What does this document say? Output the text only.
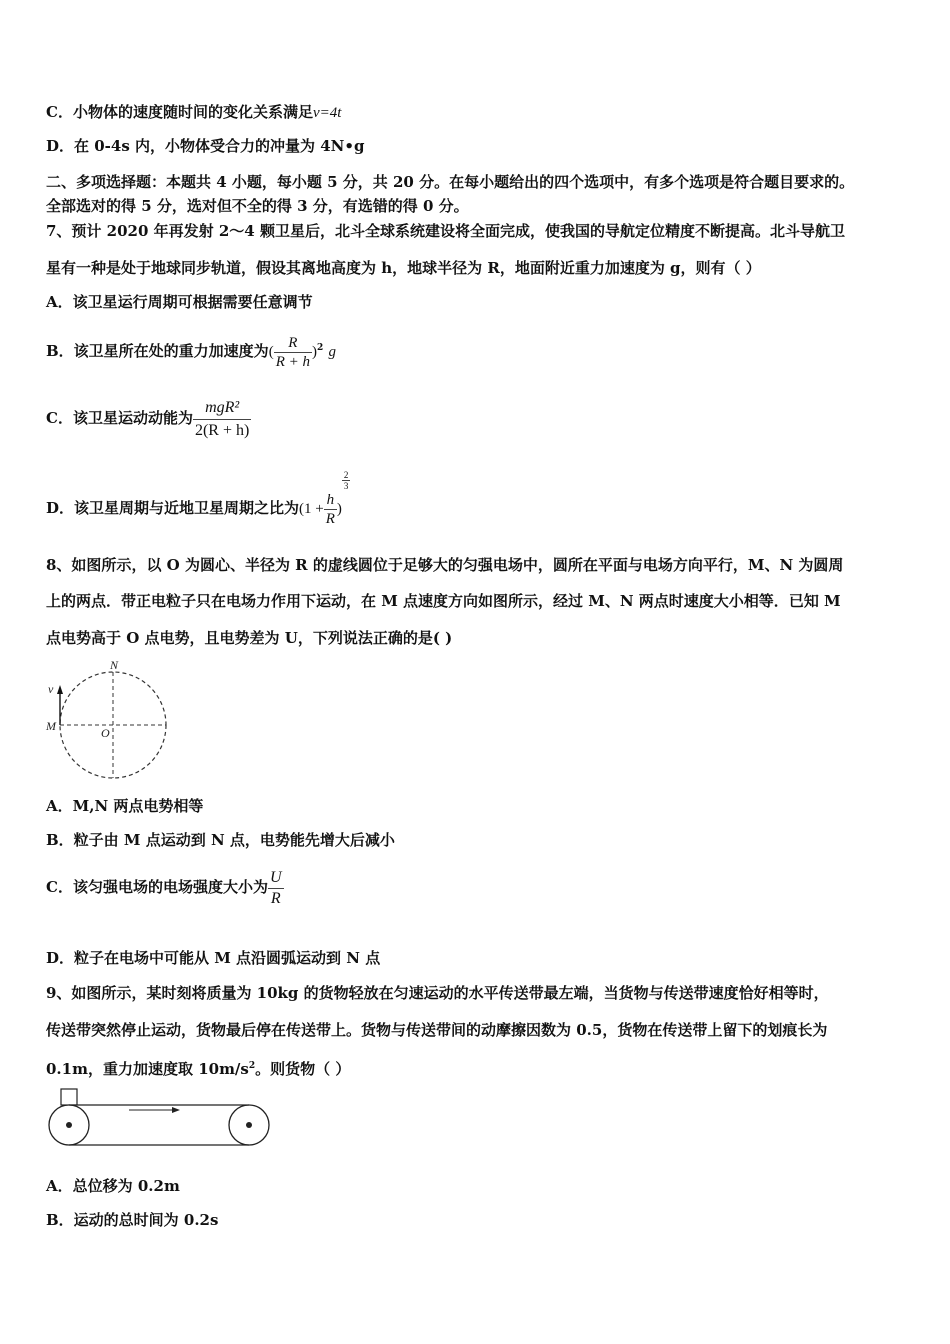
C．小物体的速度随时间的变化关系满足v=4t
D．在 0-4s 内，小物体受合力的冲量为 4N•g
二、多项选择题：本题共 4 小题，每小题 5 分，共 20 分。在每小题给出的四个选项中，有多个选项是符合题目要求的。
全部选对的得 5 分，选对但不全的得 3 分，有选错的得 0 分。
7、预计 2020 年再发射 2～4 颗卫星后，北斗全球系统建设将全面完成，使我国的导航定位精度不断提高。北斗导航卫
星有一种是处于地球同步轨道，假设其离地高度为 h，地球半径为 R，地面附近重力加速度为 g，则有（ ）
A．该卫星运行周期可根据需要任意调节
B．该卫星所在处的重力加速度为( $\frac{R}{R + h} )^2$ g
C．该卫星运动动能为 $\frac{\text{mgR²}}{2(R + h)}$
D．该卫星周期与近地卫星周期之比为($1 + \frac{h}{R}$ )
$\frac{2}{3}$
8、如图所示，以 O 为圆心、半径为 R 的虚线圆位于足够大的匀强电场中，圆所在平面与电场方向平行，M、N 为圆周
上的两点．带正电粒子只在电场力作用下运动，在 M 点速度方向如图所示，经过 M、N 两点时速度大小相等．已知 M
点电势高于 O 点电势，且电势差为 U，下列说法正确的是( )
N
v
M	O
A．M,N 两点电势相等
B．粒子由 M 点运动到 N 点，电势能先增大后减小
C．该匀强电场的电场强度大小为 $\frac{U}{R}$
D．粒子在电场中可能从 M 点沿圆弧运动到 N 点
9、如图所示，某时刻将质量为 10kg 的货物轻放在匀速运动的水平传送带最左端，当货物与传送带速度恰好相等时，
传送带突然停止运动，货物最后停在传送带上。货物与传送带间的动摩擦因数为 0.5，货物在传送带上留下的划痕长为
0.1m，重力加速度取 $10m/s^2$。则货物（ ）
A．总位移为 0.2m
B．运动的总时间为 0.2s
